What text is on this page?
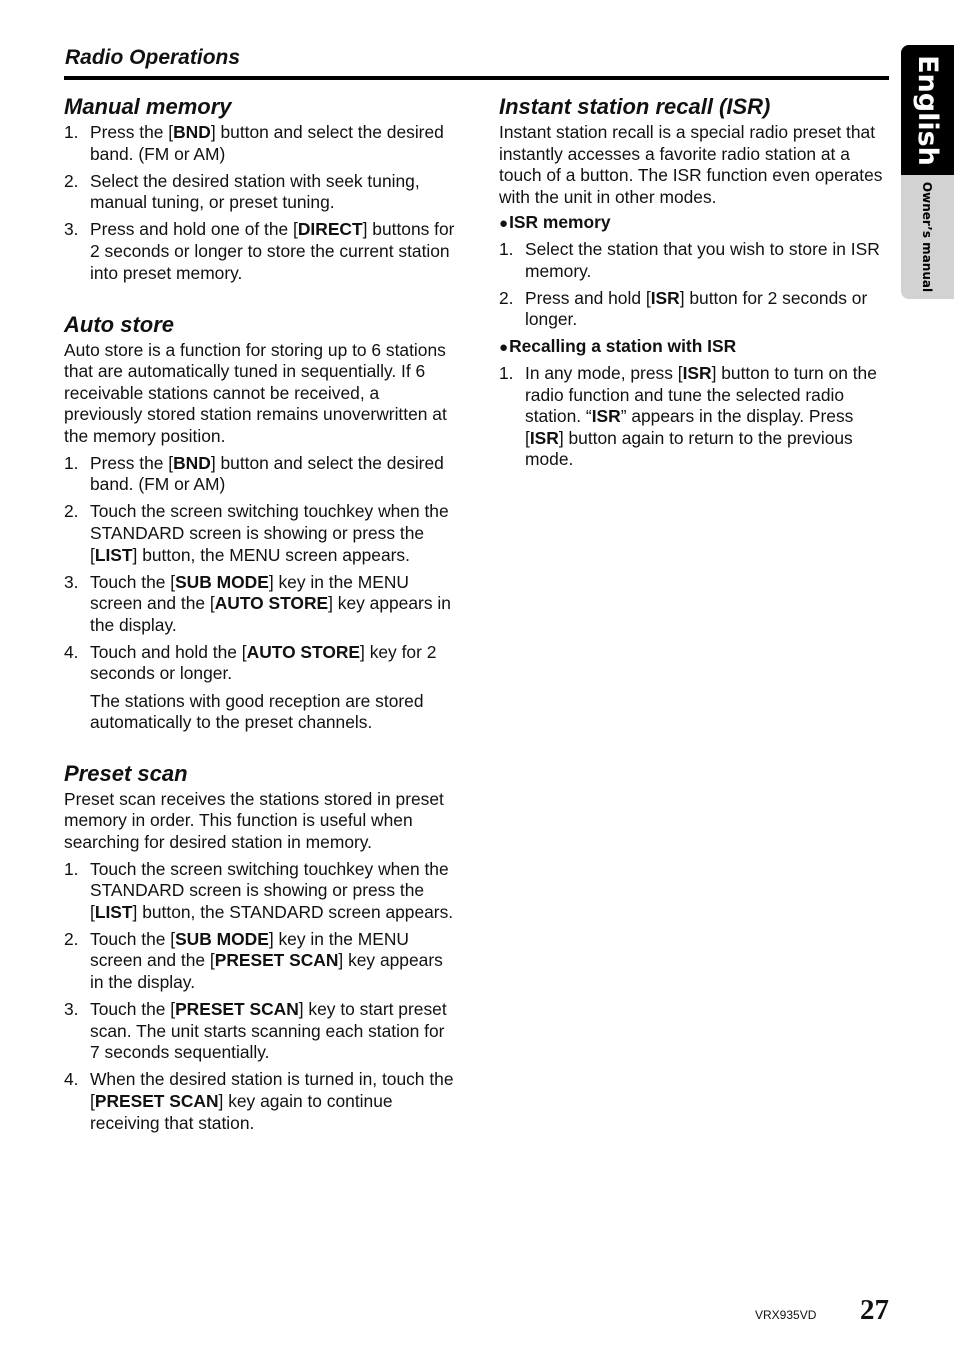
Radio Operations	English
Owner’s manual
Manual memory
1. Press the [BND] button and select the desired band. (FM or AM)
2. Select the desired station with seek tuning, manual tuning, or preset tuning.
3. Press and hold one of the [DIRECT] buttons for 2 seconds or longer to store the current station into preset memory.
Auto store

Auto store is a function for storing up to 6 stations that are automatically tuned in sequentially. If 6 receivable stations cannot be received, a previously stored station remains unoverwritten at the memory position.

1. Press the [BND] button and select the desired band. (FM or AM)
2. Touch the screen switching touchkey when the STANDARD screen is showing or press the [LIST] button, the MENU screen appears.
3. Touch the [SUB MODE] key in the MENU screen and the [AUTO STORE] key appears in the display.
4. Touch and hold the [AUTO STORE] key for 2 seconds or longer.

The stations with good reception are stored automatically to the preset channels.

Preset scan

Preset scan receives the stations stored in preset memory in order. This function is useful when searching for desired station in memory.

1. Touch the screen switching touchkey when the STANDARD screen is showing or press the [LIST] button, the STANDARD screen appears.
2. Touch the [SUB MODE] key in the MENU screen and the [PRESET SCAN] key appears in the display.
3. Touch the [PRESET SCAN] key to start preset scan. The unit starts scanning each station for 7 seconds sequentially.
4. When the desired station is turned in, touch the [PRESET SCAN] key again to continue receiving that station.
Instant station recall (ISR)

Instant station recall is a special radio preset that instantly accesses a favorite radio station at a touch of a button. The ISR function even operates with the unit in other modes.

●ISR memory
1. Select the station that you wish to store in ISR memory.
2. Press and hold [ISR] button for 2 seconds or longer.
●Recalling a station with ISR
1. In any mode, press [ISR] button to turn on the radio function and tune the selected radio station. “ISR” appears in the display. Press [ISR] button again to return to the previous mode.
VRX935VD 27
